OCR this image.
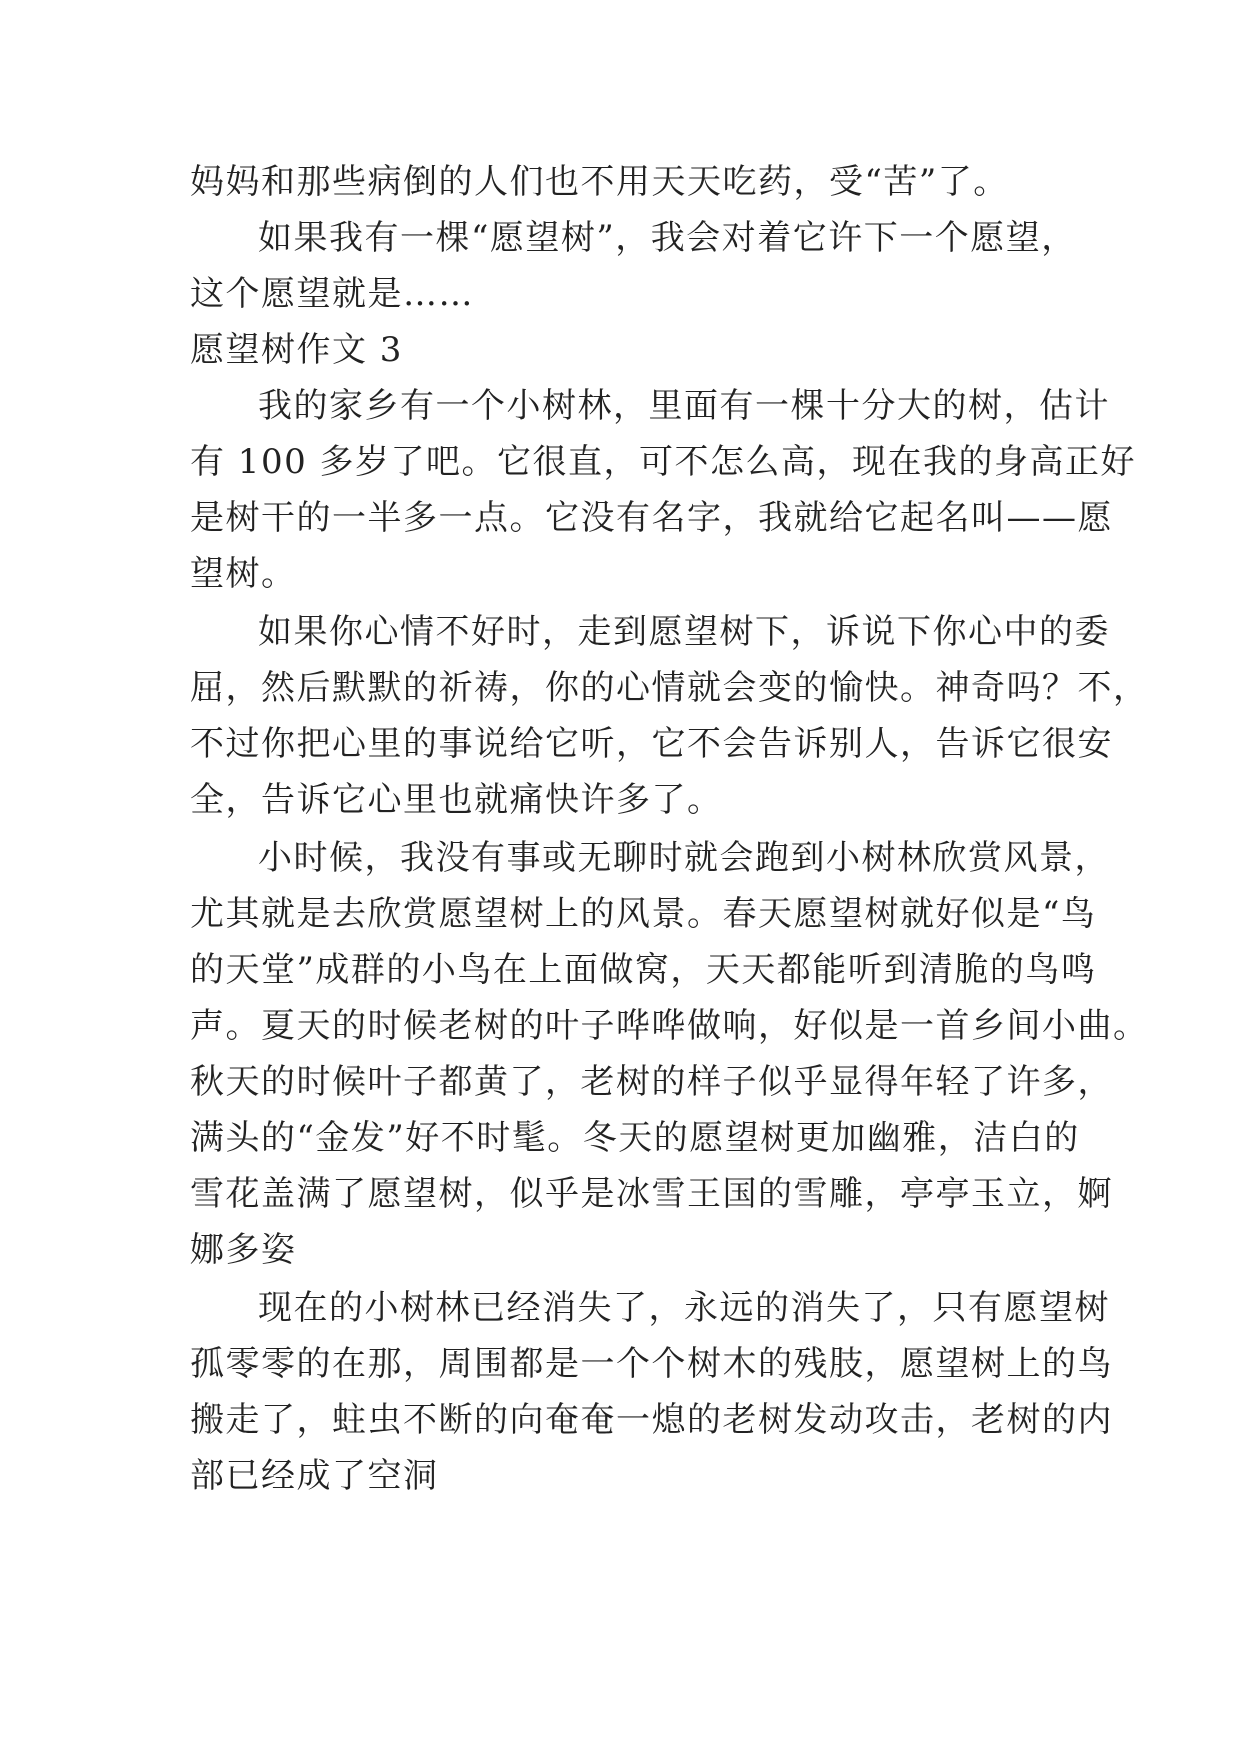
妈妈和那些病倒的人们也不用天天吃药，受“苦”了。
如果我有一棵“愿望树”，我会对着它许下一个愿望，
这个愿望就是……
愿望树作文 3
我的家乡有一个小树林，里面有一棵十分大的树，估计
有 100 多岁了吧。它很直，可不怎么高，现在我的身高正好
是树干的一半多一点。它没有名字，我就给它起名叫——愿
望树。
如果你心情不好时，走到愿望树下，诉说下你心中的委
屈，然后默默的祈祷，你的心情就会变的愉快。神奇吗？不，
不过你把心里的事说给它听，它不会告诉别人，告诉它很安
全，告诉它心里也就痛快许多了。
小时候，我没有事或无聊时就会跑到小树林欣赏风景，
尤其就是去欣赏愿望树上的风景。春天愿望树就好似是“鸟
的天堂”成群的小鸟在上面做窝，天天都能听到清脆的鸟鸣
声。夏天的时候老树的叶子哗哗做响，好似是一首乡间小曲。
秋天的时候叶子都黄了，老树的样子似乎显得年轻了许多，
满头的“金发”好不时髦。冬天的愿望树更加幽雅，洁白的
雪花盖满了愿望树，似乎是冰雪王国的雪雕，亭亭玉立，婀
娜多姿
现在的小树林已经消失了，永远的消失了，只有愿望树
孤零零的在那，周围都是一个个树木的残肢，愿望树上的鸟
搬走了，蛀虫不断的向奄奄一熄的老树发动攻击，老树的内
部已经成了空洞
